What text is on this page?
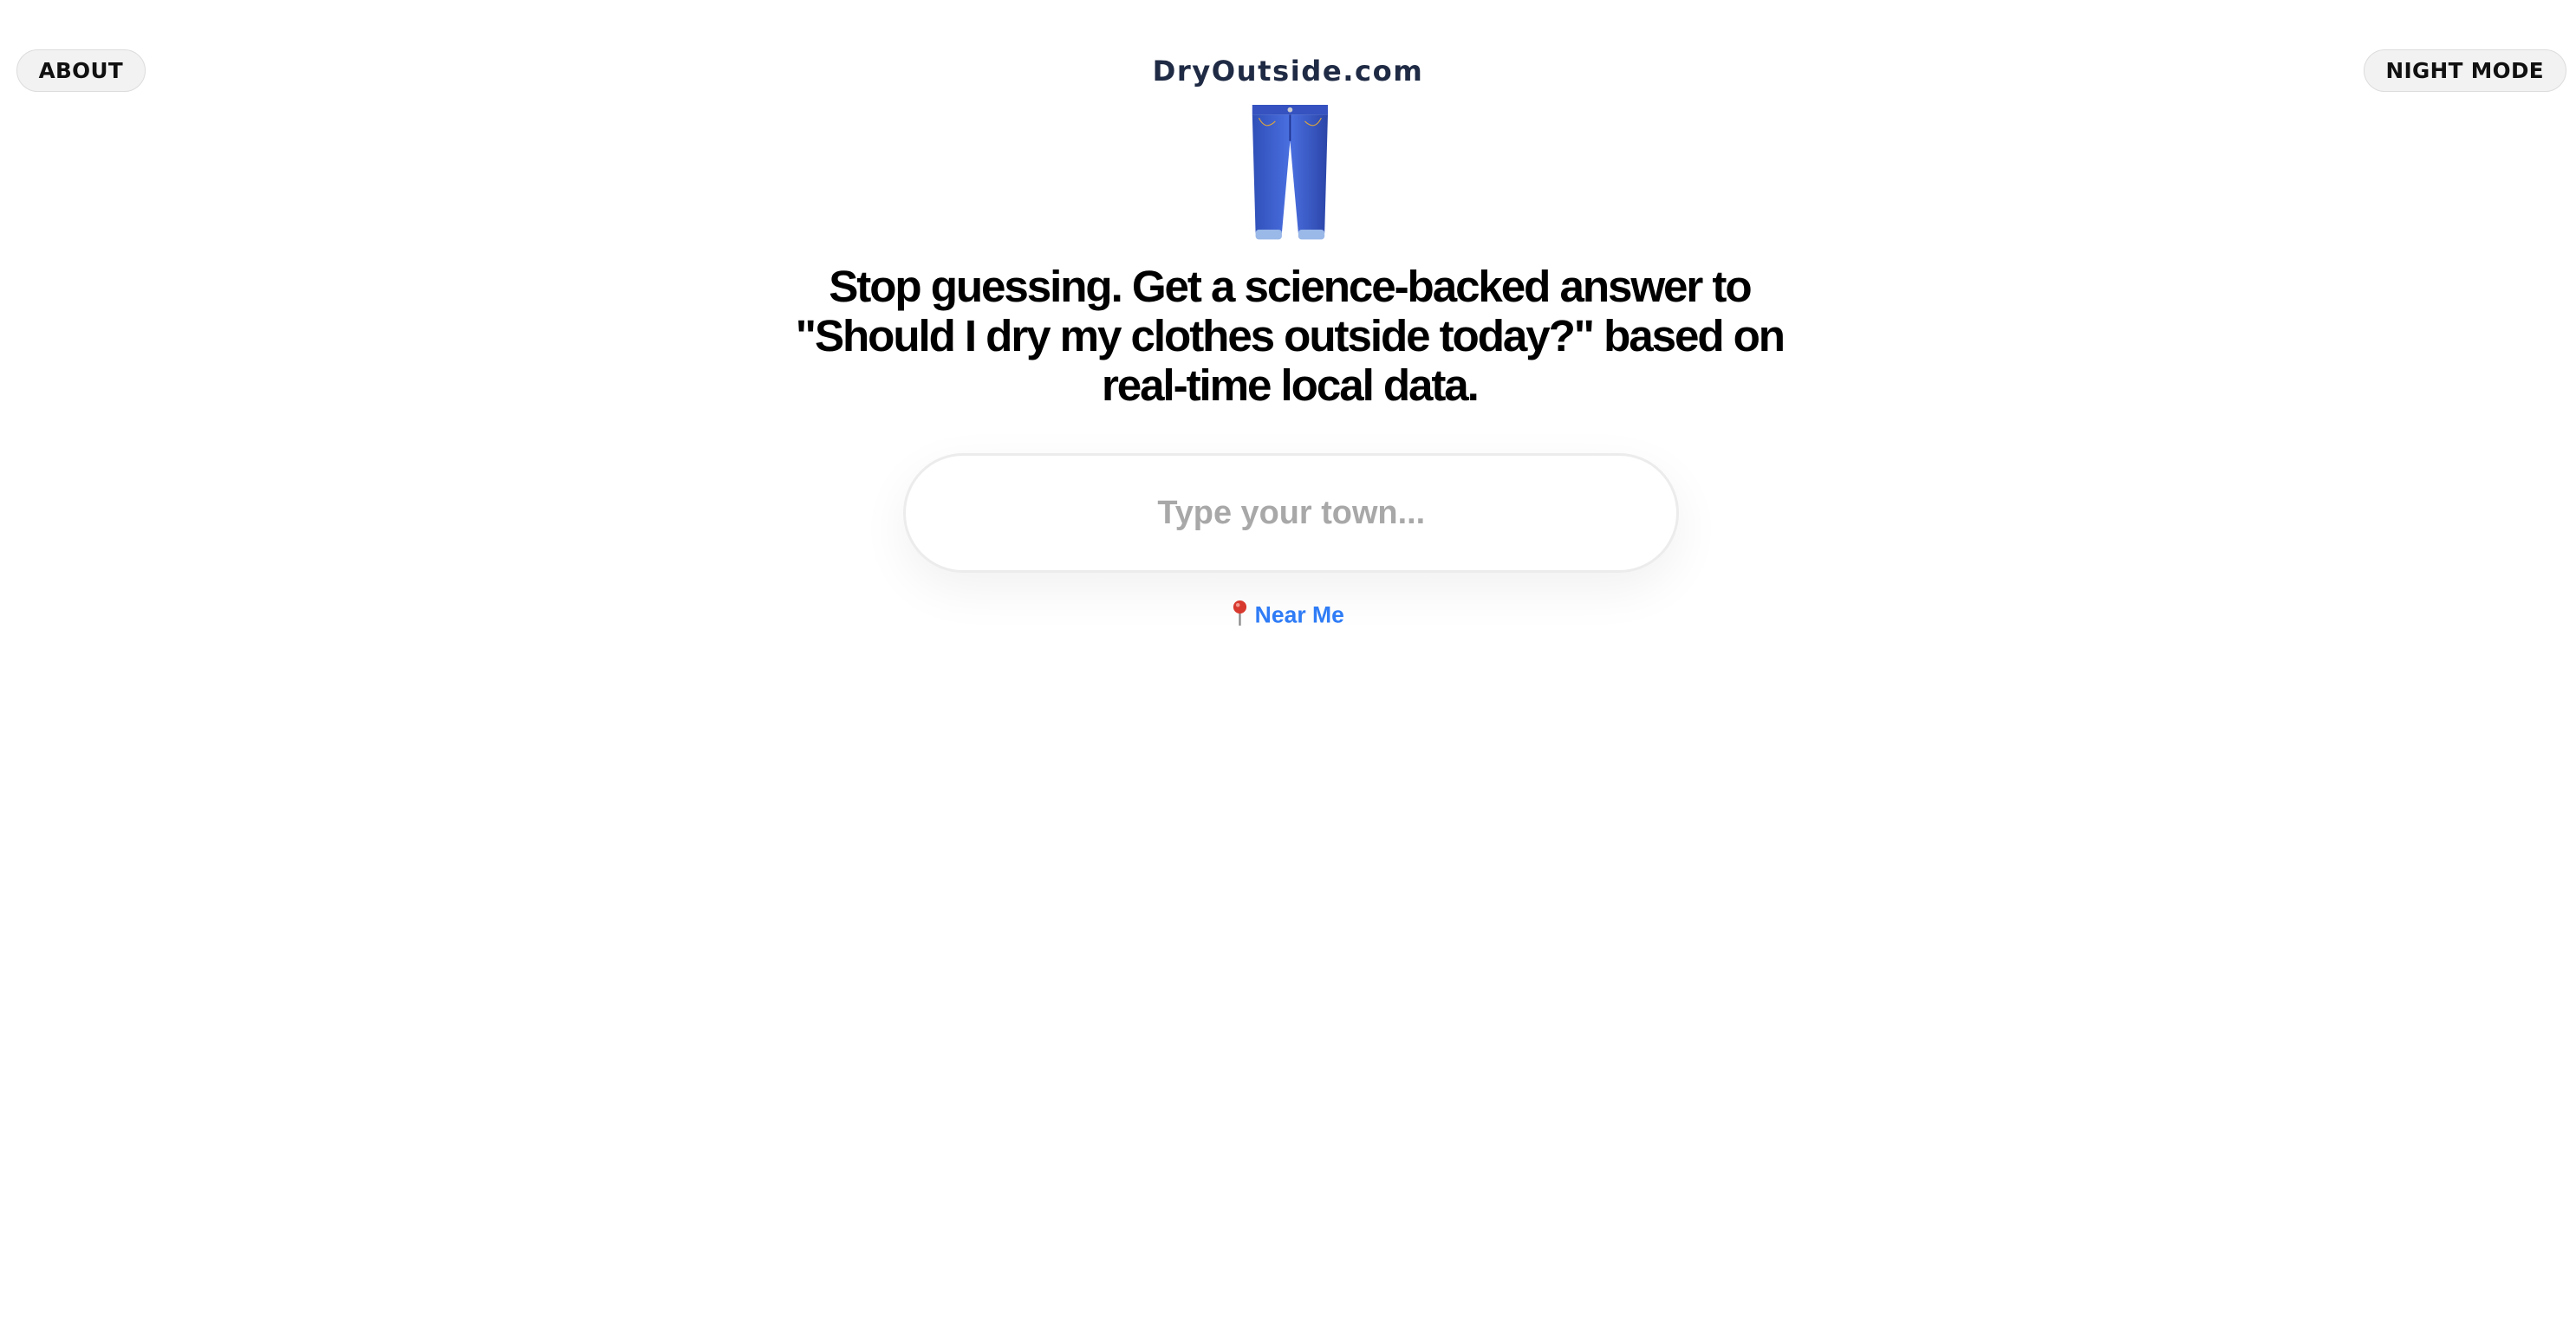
ABOUT	DryOutside.com	NIGHT MODE
Stop guessing. Get a science-backed answer to "Should I dry my clothes outside today?" based on real-time local data.
Type your town...
Near Me
